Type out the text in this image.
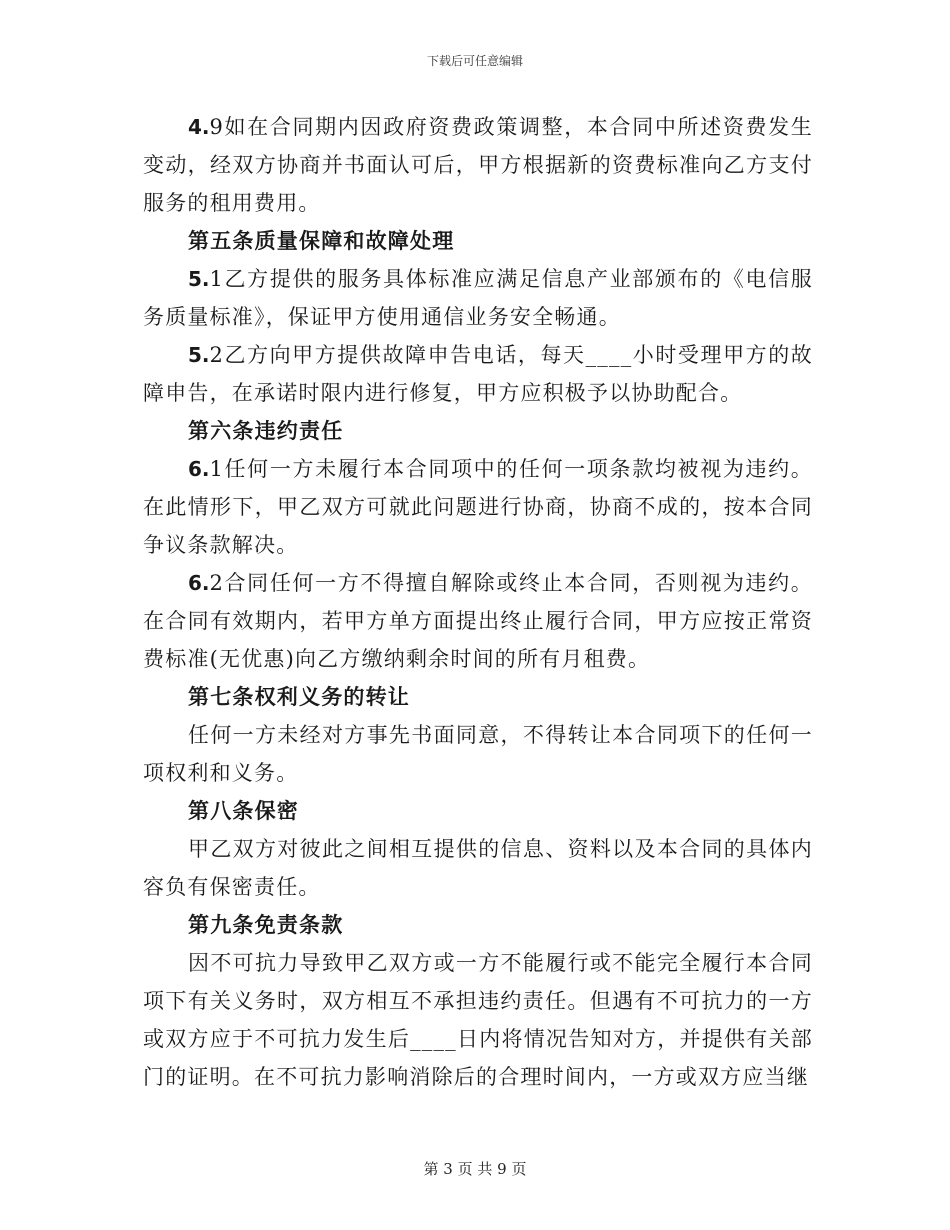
下载后可任意编辑

4.9如在合同期内因政府资费政策调整，本合同中所述资费发生变动，经双方协商并书面认可后，甲方根据新的资费标准向乙方支付服务的租用费用。

第五条质量保障和故障处理

5.1乙方提供的服务具体标准应满足信息产业部颁布的《电信服务质量标准》，保证甲方使用通信业务安全畅通。

5.2乙方向甲方提供故障申告电话，每天____小时受理甲方的故障申告，在承诺时限内进行修复，甲方应积极予以协助配合。

第六条违约责任

6.1任何一方未履行本合同项中的任何一项条款均被视为违约。在此情形下，甲乙双方可就此问题进行协商，协商不成的，按本合同争议条款解决。

6.2合同任何一方不得擅自解除或终止本合同，否则视为违约。在合同有效期内，若甲方单方面提出终止履行合同，甲方应按正常资费标准(无优惠)向乙方缴纳剩余时间的所有月租费。

第七条权利义务的转让

任何一方未经对方事先书面同意，不得转让本合同项下的任何一项权利和义务。

第八条保密

甲乙双方对彼此之间相互提供的信息、资料以及本合同的具体内容负有保密责任。

第九条免责条款

因不可抗力导致甲乙双方或一方不能履行或不能完全履行本合同项下有关义务时，双方相互不承担违约责任。但遇有不可抗力的一方或双方应于不可抗力发生后____日内将情况告知对方，并提供有关部门的证明。在不可抗力影响消除后的合理时间内，一方或双方应当继

第 3 页 共 9 页
